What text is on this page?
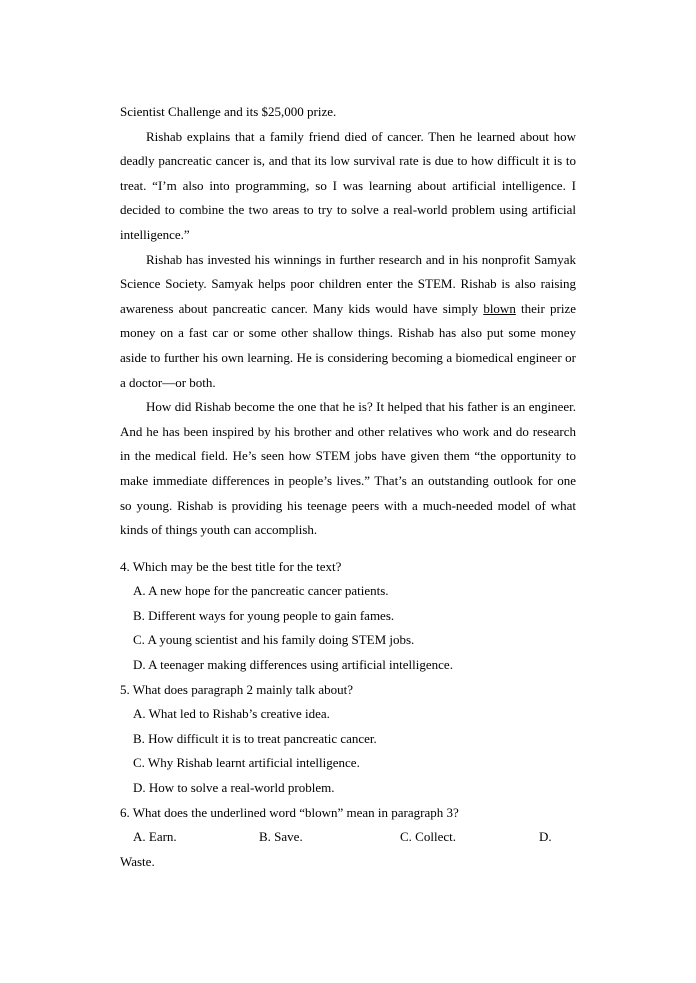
Scientist Challenge and its $25,000 prize.

Rishab explains that a family friend died of cancer. Then he learned about how deadly pancreatic cancer is, and that its low survival rate is due to how difficult it is to treat. “I’m also into programming, so I was learning about artificial intelligence. I decided to combine the two areas to try to solve a real-world problem using artificial intelligence.”

Rishab has invested his winnings in further research and in his nonprofit Samyak Science Society. Samyak helps poor children enter the STEM. Rishab is also raising awareness about pancreatic cancer. Many kids would have simply blown their prize money on a fast car or some other shallow things. Rishab has also put some money aside to further his own learning. He is considering becoming a biomedical engineer or a doctor—or both.

How did Rishab become the one that he is? It helped that his father is an engineer. And he has been inspired by his brother and other relatives who work and do research in the medical field. He’s seen how STEM jobs have given them “the opportunity to make immediate differences in people’s lives.” That’s an outstanding outlook for one so young. Rishab is providing his teenage peers with a much-needed model of what kinds of things youth can accomplish.

4. Which may be the best title for the text?

A. A new hope for the pancreatic cancer patients.

B. Different ways for young people to gain fames.

C. A young scientist and his family doing STEM jobs.

D. A teenager making differences using artificial intelligence.

5. What does paragraph 2 mainly talk about?

A. What led to Rishab’s creative idea.

B. How difficult it is to treat pancreatic cancer.

C. Why Rishab learnt artificial intelligence.

D. How to solve a real-world problem.

6. What does the underlined word “blown” mean in paragraph 3?

A. Earn.	B. Save.	C. Collect.	D.

Waste.
